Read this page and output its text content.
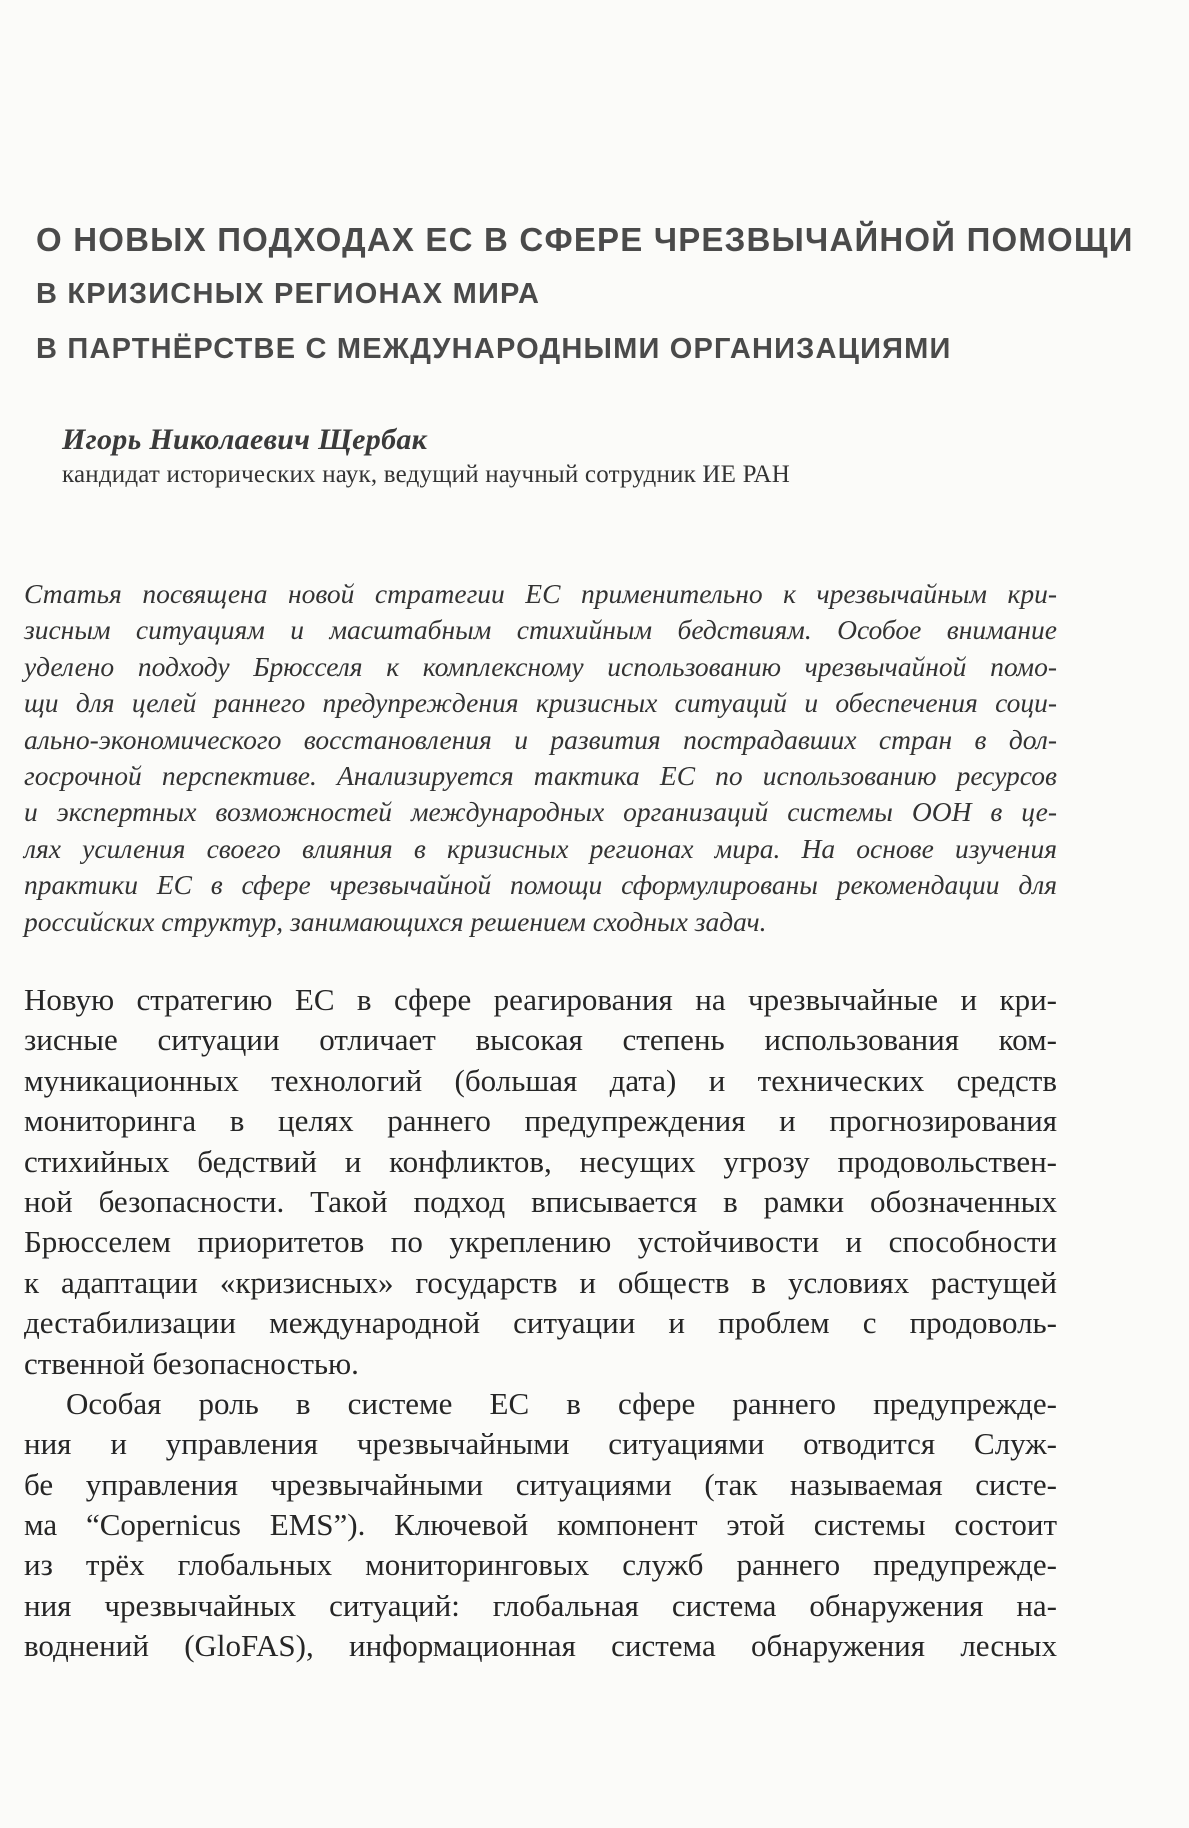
О НОВЫХ ПОДХОДАХ ЕС В СФЕРЕ ЧРЕЗВЫЧАЙНОЙ ПОМОЩИ
В КРИЗИСНЫХ РЕГИОНАХ МИРА
В ПАРТНЁРСТВЕ С МЕЖДУНАРОДНЫМИ ОРГАНИЗАЦИЯМИ
Игорь Николаевич Щербак
кандидат исторических наук, ведущий научный сотрудник ИЕ РАН
Статья посвящена новой стратегии ЕС применительно к чрезвычайным кри-
зисным ситуациям и масштабным стихийным бедствиям. Особое внимание
уделено подходу Брюсселя к комплексному использованию чрезвычайной помо-
щи для целей раннего предупреждения кризисных ситуаций и обеспечения соци-
ально-экономического восстановления и развития пострадавших стран в дол-
госрочной перспективе. Анализируется тактика ЕС по использованию ресурсов
и экспертных возможностей международных организаций системы ООН в це-
лях усиления своего влияния в кризисных регионах мира. На основе изучения
практики ЕС в сфере чрезвычайной помощи сформулированы рекомендации для
российских структур, занимающихся решением сходных задач.
Новую стратегию ЕС в сфере реагирования на чрезвычайные и кри-
зисные ситуации отличает высокая степень использования ком-
муникационных технологий (большая дата) и технических средств
мониторинга в целях раннего предупреждения и прогнозирования
стихийных бедствий и конфликтов, несущих угрозу продовольствен-
ной безопасности. Такой подход вписывается в рамки обозначенных
Брюсселем приоритетов по укреплению устойчивости и способности
к адаптации «кризисных» государств и обществ в условиях растущей
дестабилизации международной ситуации и проблем с продоволь-
ственной безопасностью.
Особая роль в системе ЕС в сфере раннего предупрежде-
ния и управления чрезвычайными ситуациями отводится Служ-
бе управления чрезвычайными ситуациями (так называемая систе-
ма “Copernicus EMS”). Ключевой компонент этой системы состоит
из трёх глобальных мониторинговых служб раннего предупрежде-
ния чрезвычайных ситуаций: глобальная система обнаружения на-
воднений (GloFAS), информационная система обнаружения лесных
